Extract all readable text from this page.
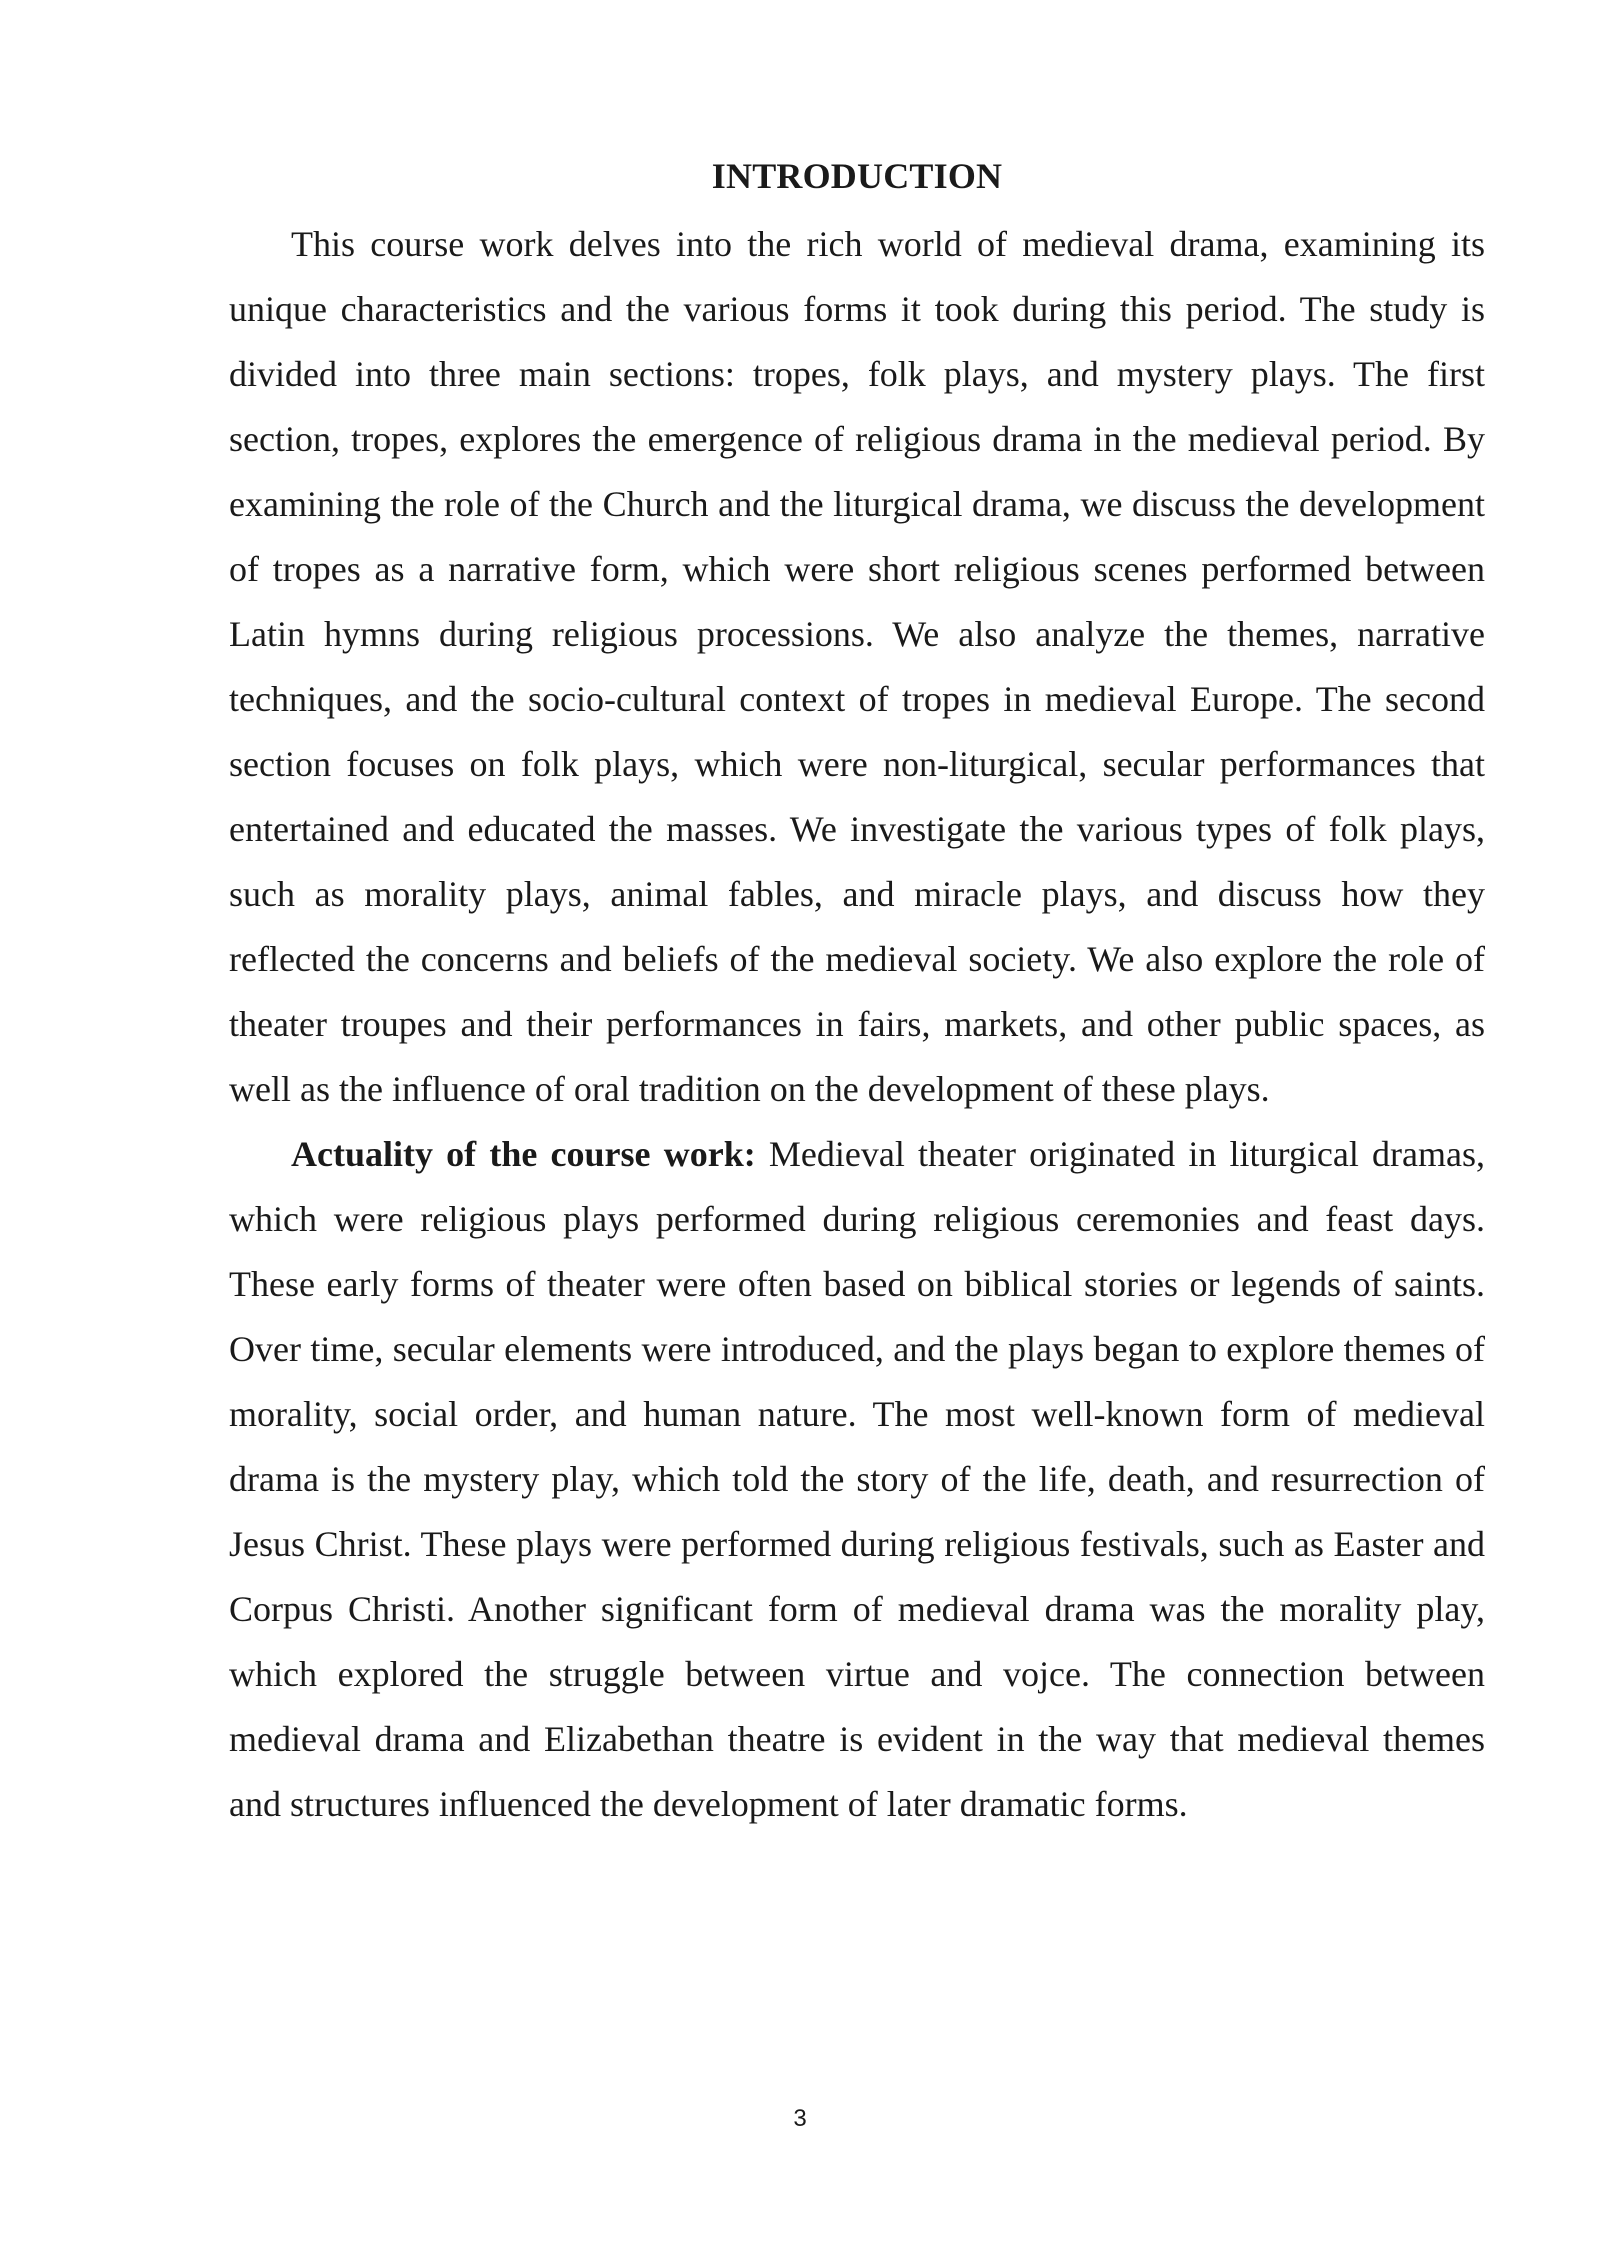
INTRODUCTION

This course work delves into the rich world of medieval drama, examining its unique characteristics and the various forms it took during this period. The study is divided into three main sections: tropes, folk plays, and mystery plays. The first section, tropes, explores the emergence of religious drama in the medieval period. By examining the role of the Church and the liturgical drama, we discuss the development of tropes as a narrative form, which were short religious scenes performed between Latin hymns during religious processions. We also analyze the themes, narrative techniques, and the socio-cultural context of tropes in medieval Europe. The second section focuses on folk plays, which were non-liturgical, secular performances that entertained and educated the masses. We investigate the various types of folk plays, such as morality plays, animal fables, and miracle plays, and discuss how they reflected the concerns and beliefs of the medieval society. We also explore the role of theater troupes and their performances in fairs, markets, and other public spaces, as well as the influence of oral tradition on the development of these plays.

Actuality of the course work: Medieval theater originated in liturgical dramas, which were religious plays performed during religious ceremonies and feast days. These early forms of theater were often based on biblical stories or legends of saints. Over time, secular elements were introduced, and the plays began to explore themes of morality, social order, and human nature. The most well-known form of medieval drama is the mystery play, which told the story of the life, death, and resurrection of Jesus Christ. These plays were performed during religious festivals, such as Easter and Corpus Christi. Another significant form of medieval drama was the morality play, which explored the struggle between virtue and vojce. The connection between medieval drama and Elizabethan theatre is evident in the way that medieval themes and structures influenced the development of later dramatic forms.

3
